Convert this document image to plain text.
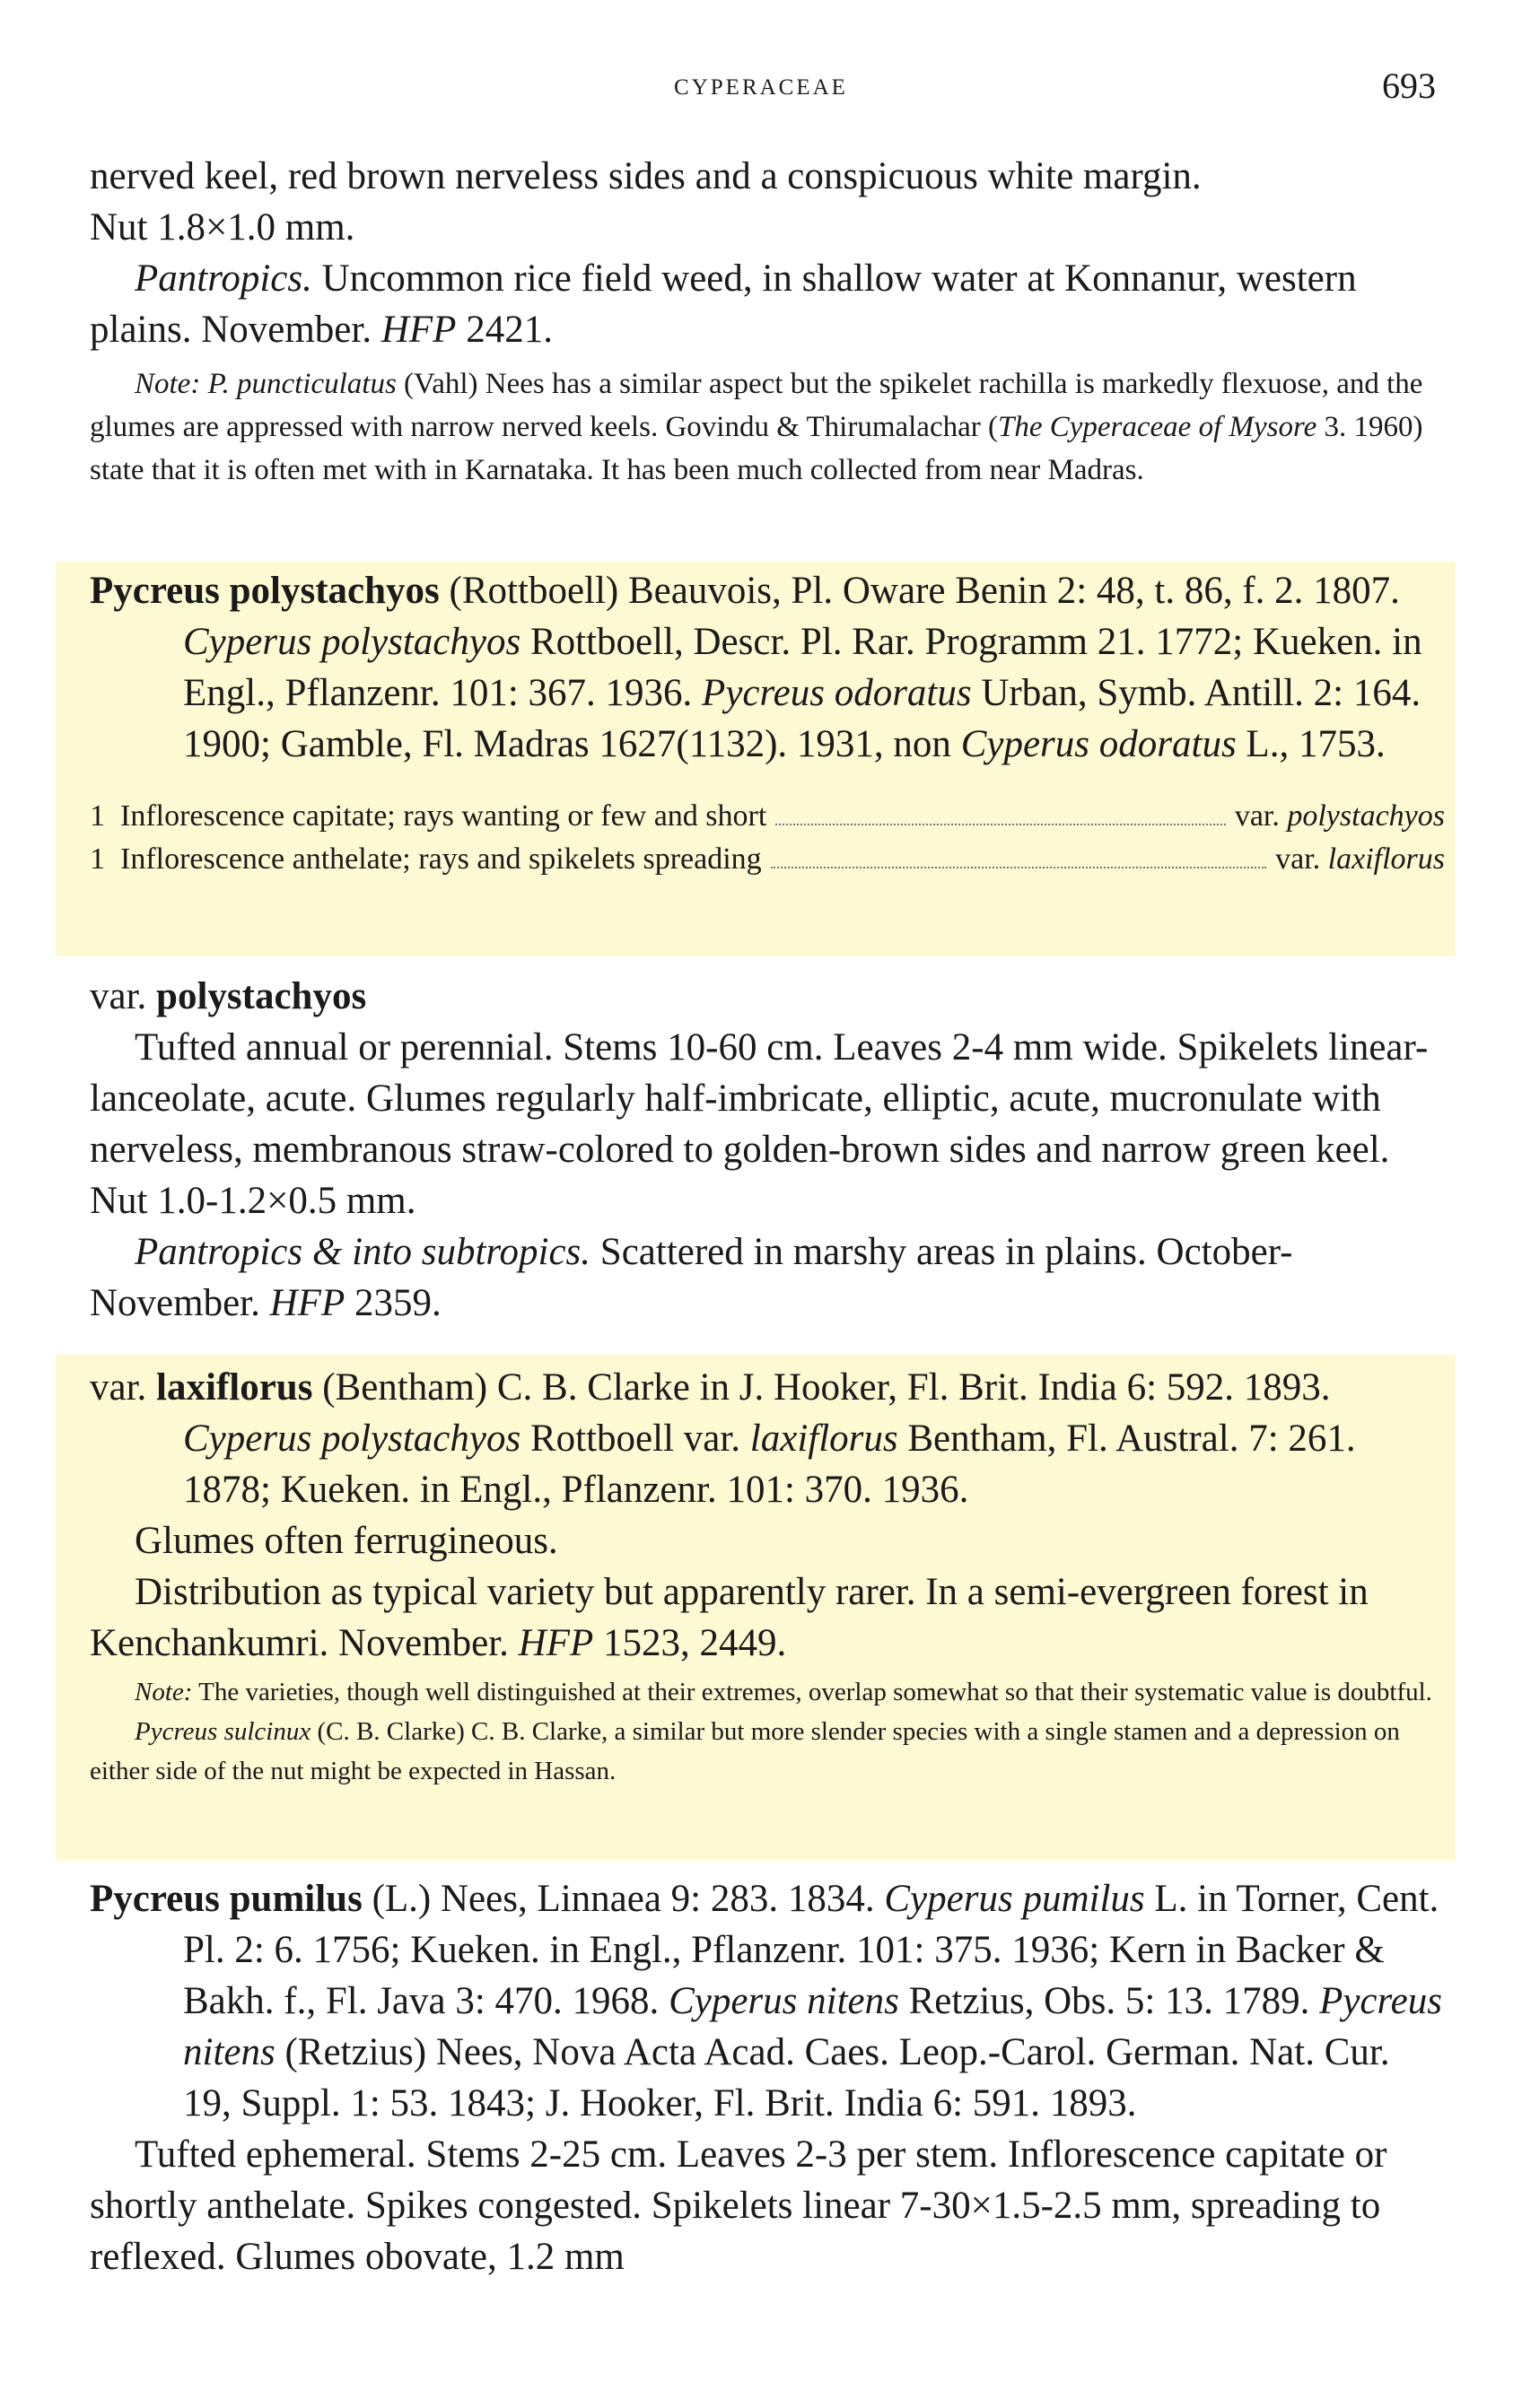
CYPERACEAE	693

nerved keel, red brown nerveless sides and a conspicuous white margin.

Nut 1.8×1.0 mm.

Pantropics. Uncommon rice field weed, in shallow water at Konnanur, western plains. November. HFP 2421.

Note: P. puncticulatus (Vahl) Nees has a similar aspect but the spikelet rachilla is markedly flexuose, and the glumes are appressed with narrow nerved keels. Govindu & Thirumalachar (The Cyperaceae of Mysore 3. 1960) state that it is often met with in Karnataka. It has been much collected from near Madras.

Pycreus polystachyos (Rottboell) Beauvois, Pl. Oware Benin 2: 48, t. 86, f. 2. 1807. Cyperus polystachyos Rottboell, Descr. Pl. Rar. Programm 21. 1772; Kueken. in Engl., Pflanzenr. 101: 367. 1936. Pycreus odoratus Urban, Symb. Antill. 2: 164. 1900; Gamble, Fl. Madras 1627(1132). 1931, non Cyperus odoratus L., 1753.

1 Inflorescence capitate; rays wanting or few and short	var. polystachyos
1 Inflorescence anthelate; rays and spikelets spreading	var. laxiflorus

var. polystachyos

Tufted annual or perennial. Stems 10-60 cm. Leaves 2-4 mm wide. Spikelets linear-lanceolate, acute. Glumes regularly half-imbricate, elliptic, acute, mucronulate with nerveless, membranous straw-colored to golden-brown sides and narrow green keel. Nut 1.0-1.2×0.5 mm.

Pantropics & into subtropics. Scattered in marshy areas in plains. October-November. HFP 2359.

var. laxiflorus (Bentham) C. B. Clarke in J. Hooker, Fl. Brit. India 6: 592. 1893. Cyperus polystachyos Rottboell var. laxiflorus Bentham, Fl. Austral. 7: 261. 1878; Kueken. in Engl., Pflanzenr. 101: 370. 1936.

Glumes often ferrugineous.

Distribution as typical variety but apparently rarer. In a semi-evergreen forest in Kenchankumri. November. HFP 1523, 2449.

Note: The varieties, though well distinguished at their extremes, overlap somewhat so that their systematic value is doubtful.

Pycreus sulcinux (C. B. Clarke) C. B. Clarke, a similar but more slender species with a single stamen and a depression on either side of the nut might be expected in Hassan.

Pycreus pumilus (L.) Nees, Linnaea 9: 283. 1834. Cyperus pumilus L. in Torner, Cent. Pl. 2: 6. 1756; Kueken. in Engl., Pflanzenr. 101: 375. 1936; Kern in Backer & Bakh. f., Fl. Java 3: 470. 1968. Cyperus nitens Retzius, Obs. 5: 13. 1789. Pycreus nitens (Retzius) Nees, Nova Acta Acad. Caes. Leop.-Carol. German. Nat. Cur. 19, Suppl. 1: 53. 1843; J. Hooker, Fl. Brit. India 6: 591. 1893.

Tufted ephemeral. Stems 2-25 cm. Leaves 2-3 per stem. Inflorescence capitate or shortly anthelate. Spikes congested. Spikelets linear 7-30×1.5-2.5 mm, spreading to reflexed. Glumes obovate, 1.2 mm
